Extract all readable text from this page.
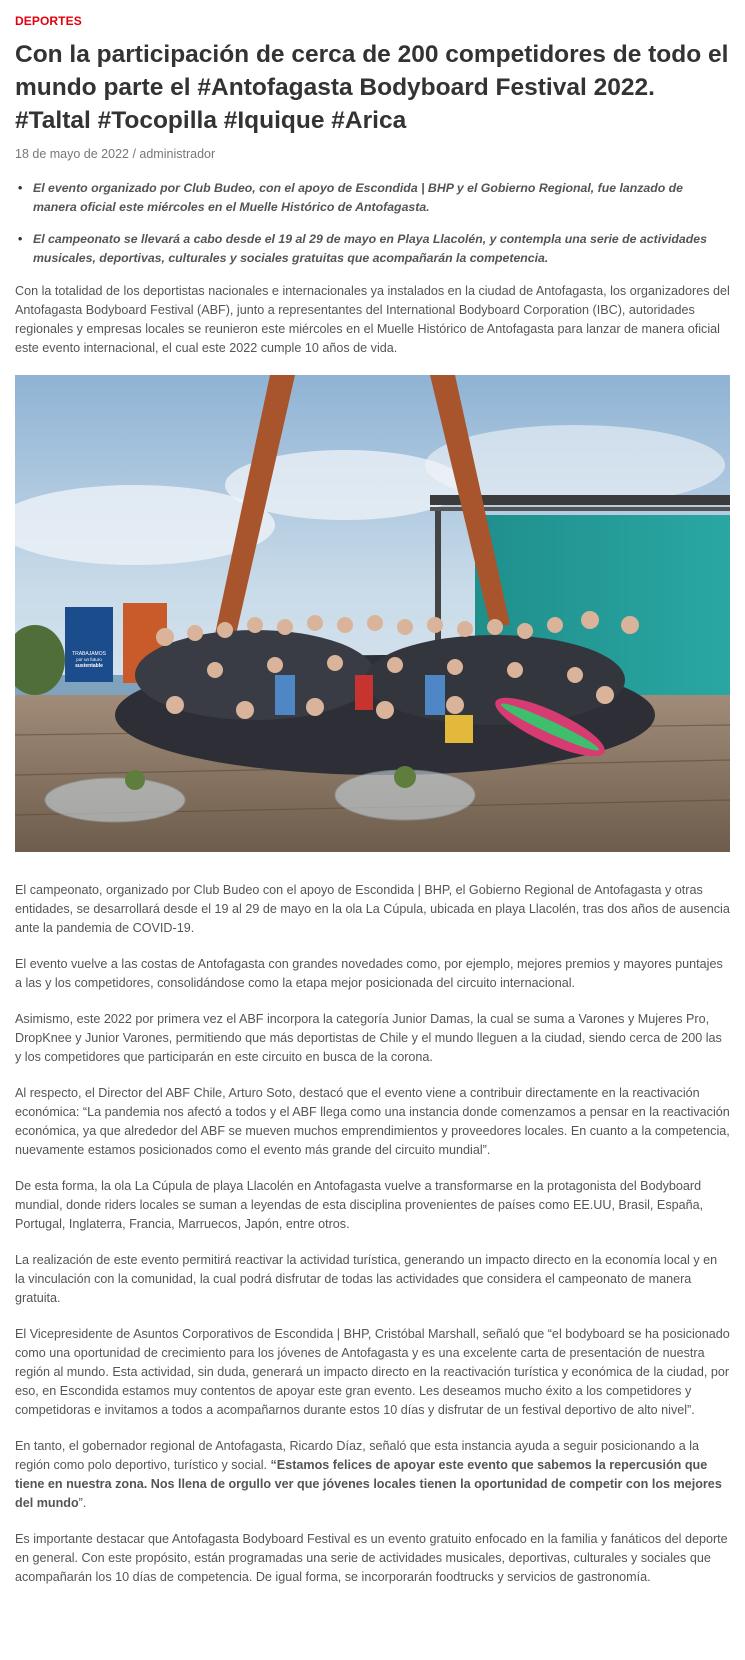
DEPORTES
Con la participación de cerca de 200 competidores de todo el mundo parte el #Antofagasta Bodyboard Festival 2022. #Taltal #Tocopilla #Iquique #Arica
18 de mayo de 2022 / administrador
• El evento organizado por Club Budeo, con el apoyo de Escondida | BHP y el Gobierno Regional, fue lanzado de manera oficial este miércoles en el Muelle Histórico de Antofagasta.
• El campeonato se llevará a cabo desde el 19 al 29 de mayo en Playa Llacolén, y contempla una serie de actividades musicales, deportivas, culturales y sociales gratuitas que acompañarán la competencia.

Con la totalidad de los deportistas nacionales e internacionales ya instalados en la ciudad de Antofagasta, los organizadores del Antofagasta Bodyboard Festival (ABF), junto a representantes del International Bodyboard Corporation (IBC), autoridades regionales y empresas locales se reunieron este miércoles en el Muelle Histórico de Antofagasta para lanzar de manera oficial este evento internacional, el cual este 2022 cumple 10 años de vida.

TRABAJAMOS
por un futuro
sustentable

El campeonato, organizado por Club Budeo con el apoyo de Escondida | BHP, el Gobierno Regional de Antofagasta y otras entidades, se desarrollará desde el 19 al 29 de mayo en la ola La Cúpula, ubicada en playa Llacolén, tras dos años de ausencia ante la pandemia de COVID-19.

El evento vuelve a las costas de Antofagasta con grandes novedades como, por ejemplo, mejores premios y mayores puntajes a las y los competidores, consolidándose como la etapa mejor posicionada del circuito internacional.

Asimismo, este 2022 por primera vez el ABF incorpora la categoría Junior Damas, la cual se suma a Varones y Mujeres Pro, DropKnee y Junior Varones, permitiendo que más deportistas de Chile y el mundo lleguen a la ciudad, siendo cerca de 200 las y los competidores que participarán en este circuito en busca de la corona.

Al respecto, el Director del ABF Chile, Arturo Soto, destacó que el evento viene a contribuir directamente en la reactivación económica: “La pandemia nos afectó a todos y el ABF llega como una instancia donde comenzamos a pensar en la reactivación económica, ya que alrededor del ABF se mueven muchos emprendimientos y proveedores locales. En cuanto a la competencia, nuevamente estamos posicionados como el evento más grande del circuito mundial”.

De esta forma, la ola La Cúpula de playa Llacolén en Antofagasta vuelve a transformarse en la protagonista del Bodyboard mundial, donde riders locales se suman a leyendas de esta disciplina provenientes de países como EE.UU, Brasil, España, Portugal, Inglaterra, Francia, Marruecos, Japón, entre otros.

La realización de este evento permitirá reactivar la actividad turística, generando un impacto directo en la economía local y en la vinculación con la comunidad, la cual podrá disfrutar de todas las actividades que considera el campeonato de manera gratuita.

El Vicepresidente de Asuntos Corporativos de Escondida | BHP, Cristóbal Marshall, señaló que “el bodyboard se ha posicionado como una oportunidad de crecimiento para los jóvenes de Antofagasta y es una excelente carta de presentación de nuestra región al mundo. Esta actividad, sin duda, generará un impacto directo en la reactivación turística y económica de la ciudad, por eso, en Escondida estamos muy contentos de apoyar este gran evento. Les deseamos mucho éxito a los competidores y competidoras e invitamos a todos a acompañarnos durante estos 10 días y disfrutar de un festival deportivo de alto nivel”.

En tanto, el gobernador regional de Antofagasta, Ricardo Díaz, señaló que esta instancia ayuda a seguir posicionando a la región como polo deportivo, turístico y social. “Estamos felices de apoyar este evento que sabemos la repercusión que tiene en nuestra zona. Nos llena de orgullo ver que jóvenes locales tienen la oportunidad de competir con los mejores del mundo”.

Es importante destacar que Antofagasta Bodyboard Festival es un evento gratuito enfocado en la familia y fanáticos del deporte en general. Con este propósito, están programadas una serie de actividades musicales, deportivas, culturales y sociales que acompañarán los 10 días de competencia. De igual forma, se incorporarán foodtrucks y servicios de gastronomía.
